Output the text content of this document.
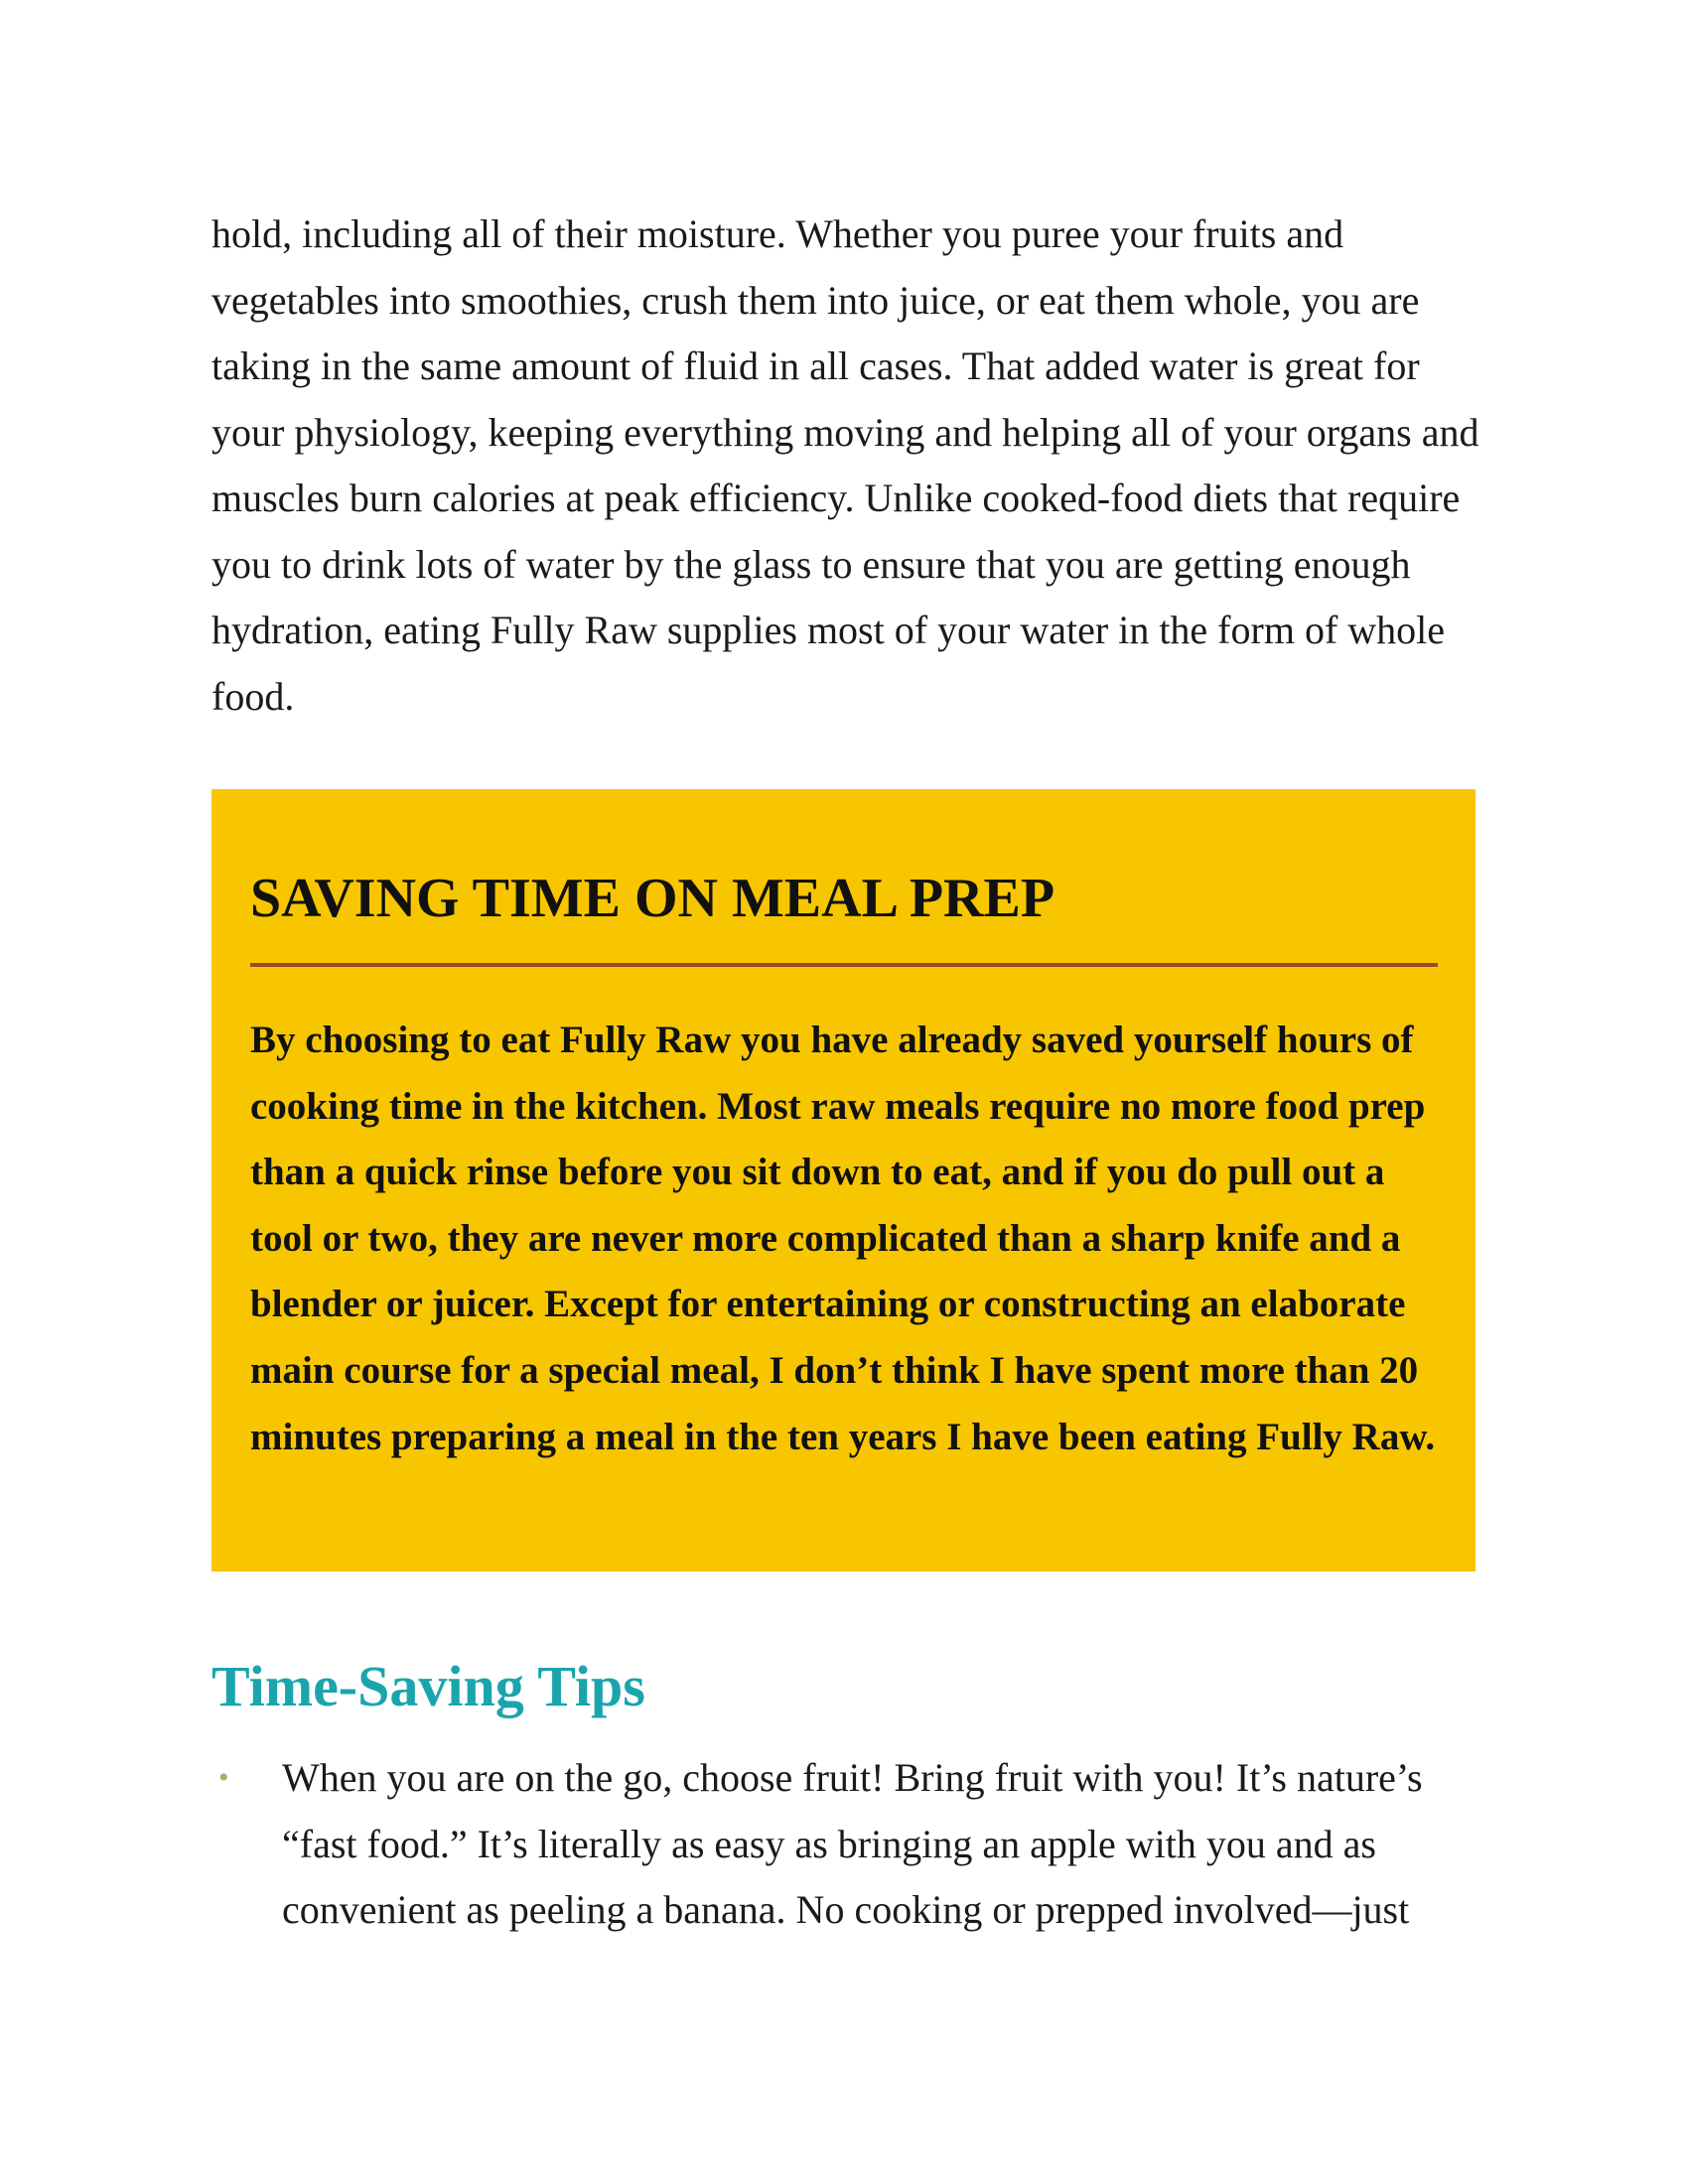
hold, including all of their moisture. Whether you puree your fruits and vegetables into smoothies, crush them into juice, or eat them whole, you are taking in the same amount of fluid in all cases. That added water is great for your physiology, keeping everything moving and helping all of your organs and muscles burn calories at peak efficiency. Unlike cooked-food diets that require you to drink lots of water by the glass to ensure that you are getting enough hydration, eating Fully Raw supplies most of your water in the form of whole food.

SAVING TIME ON MEAL PREP

By choosing to eat Fully Raw you have already saved yourself hours of cooking time in the kitchen. Most raw meals require no more food prep than a quick rinse before you sit down to eat, and if you do pull out a tool or two, they are never more complicated than a sharp knife and a blender or juicer. Except for entertaining or constructing an elaborate main course for a special meal, I don’t think I have spent more than 20 minutes preparing a meal in the ten years I have been eating Fully Raw.

Time-Saving Tips
• When you are on the go, choose fruit! Bring fruit with you! It’s nature’s “fast food.” It’s literally as easy as bringing an apple with you and as convenient as peeling a banana. No cooking or prepped involved—just
